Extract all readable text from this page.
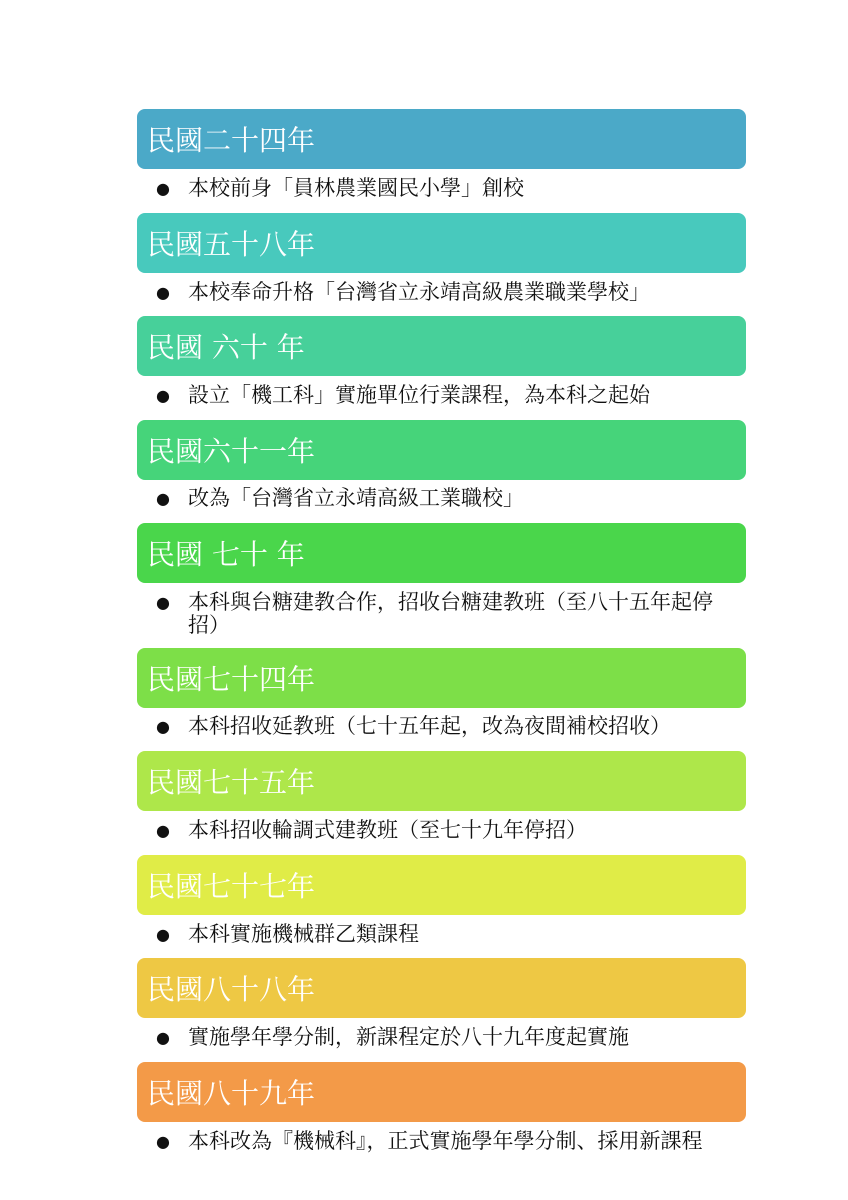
民國二十四年
● 本校前身「員林農業國民小學」創校
民國五十八年
● 本校奉命升格「台灣省立永靖高級農業職業學校」
民國 六十 年
● 設立「機工科」實施單位行業課程，為本科之起始
民國六十一年
● 改為「台灣省立永靖高級工業職校」
民國 七十 年
● 本科與台糖建教合作，招收台糖建教班（至八十五年起停招）
● 本科招收延教班（七十五年起，改為夜間補校招收）
民國七十四年
民國七十五年
● 本科招收輪調式建教班（至七十九年停招）
民國七十七年
● 本科實施機械群乙類課程
民國八十八年
● 實施學年學分制，新課程定於八十九年度起實施
民國八十九年
● 本科改為『機械科』，正式實施學年學分制、採用新課程
